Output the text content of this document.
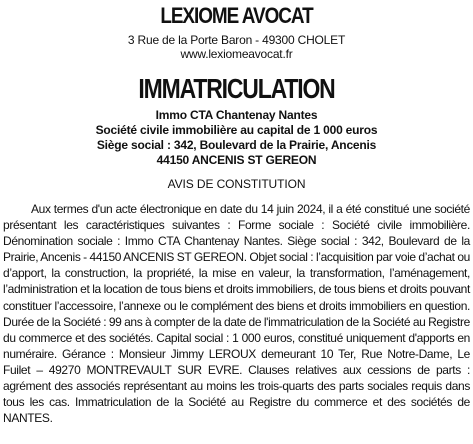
LEXIOME AVOCAT
3 Rue de la Porte Baron - 49300 CHOLET
www.lexiomeavocat.fr
IMMATRICULATION
Immo CTA Chantenay Nantes
Société civile immobilière au capital de 1 000 euros
Siège social : 342, Boulevard de la Prairie, Ancenis
44150 ANCENIS ST GEREON
AVIS DE CONSTITUTION
Aux termes d'un acte électronique en date du 14 juin 2024, il a été constitué une société présentant les caractéristiques suivantes : Forme sociale : Société civile immobilière. Dénomination sociale : Immo CTA Chantenay Nantes. Siège social : 342, Boulevard de la Prairie, Ancenis - 44150 ANCENIS ST GEREON. Objet social : l’acquisition par voie d’achat ou d’apport, la construction, la propriété, la mise en valeur, la transformation, l’aménagement, l’administration et la location de tous biens et droits immobiliers, de tous biens et droits pouvant constituer l’accessoire, l’annexe ou le complément des biens et droits immobiliers en question. Durée de la Société : 99 ans à compter de la date de l'immatriculation de la Société au Registre du commerce et des sociétés. Capital social : 1 000 euros, constitué uniquement d'apports en numéraire. Gérance : Monsieur Jimmy LEROUX demeurant 10 Ter, Rue Notre-Dame, Le Fuilet – 49270 MONTREVAULT SUR EVRE. Clauses relatives aux cessions de parts : agrément des associés représentant au moins les trois-quarts des parts sociales requis dans tous les cas. Immatriculation de la Société au Registre du commerce et des sociétés de NANTES.
